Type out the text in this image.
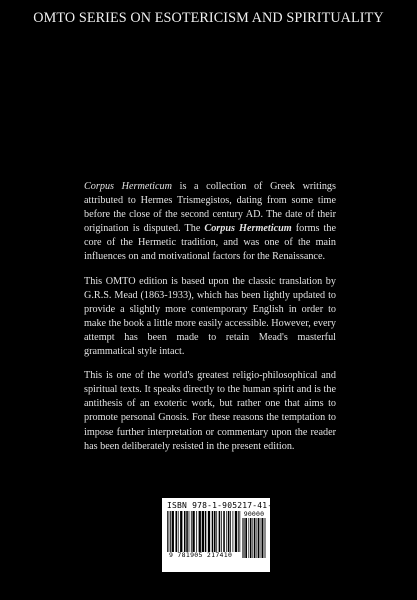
OMTO SERIES ON ESOTERICISM AND SPIRITUALITY

Corpus Hermeticum is a collection of Greek writings attributed to Hermes Trismegistos, dating from some time before the close of the second century AD. The date of their origination is disputed. The Corpus Hermeticum forms the core of the Hermetic tradition, and was one of the main influences on and motivational factors for the Renaissance.

This OMTO edition is based upon the classic translation by G.R.S. Mead (1863-1933), which has been lightly updated to provide a slightly more contemporary English in order to make the book a little more easily accessible. However, every attempt has been made to retain Mead's masterful grammatical style intact.

This is one of the world's greatest religio-philosophical and spiritual texts. It speaks directly to the human spirit and is the antithesis of an exoteric work, but rather one that aims to promote personal Gnosis. For these reasons the temptation to impose further interpretation or commentary upon the reader has been deliberately resisted in the present edition.

ISBN 978-1-905217-41-0
9 781905 217410
90000
